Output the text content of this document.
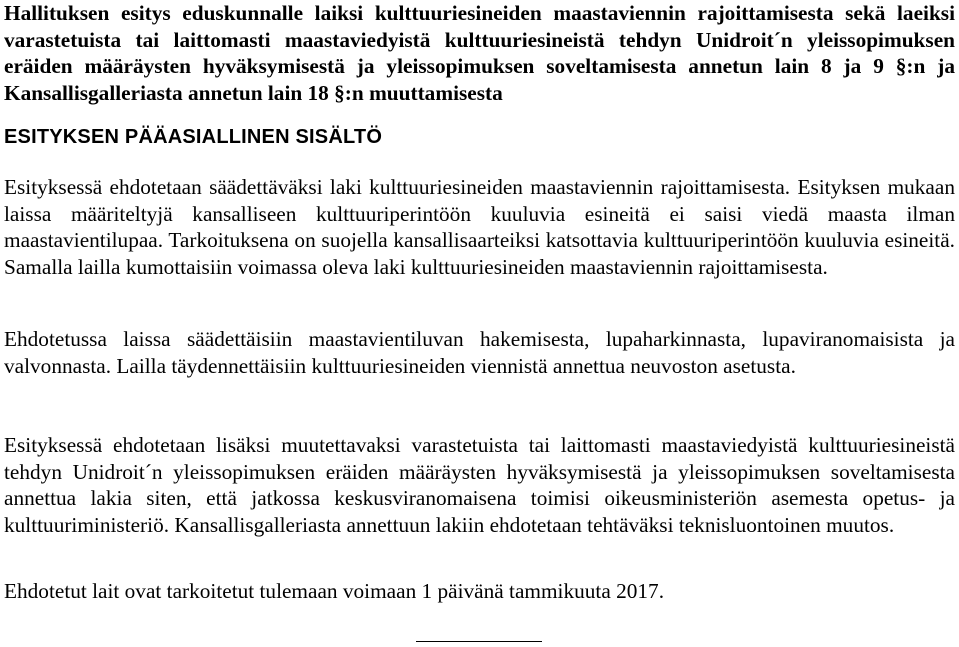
Hallituksen esitys eduskunnalle laiksi kulttuuriesineiden maastaviennin rajoittamisesta sekä laeiksi varastetuista tai laittomasti maastaviedyistä kulttuuriesineistä tehdyn Unidroit´n yleissopimuksen eräiden määräysten hyväksymisestä ja yleissopimuksen soveltamisesta annetun lain 8 ja 9 §:n ja Kansallisgalleriasta annetun lain 18 §:n muuttamisesta

ESITYKSEN PÄÄASIALLINEN SISÄLTÖ

Esityksessä ehdotetaan säädettäväksi laki kulttuuriesineiden maastaviennin rajoittamisesta. Esityksen mukaan laissa määriteltyjä kansalliseen kulttuuriperintöön kuuluvia esineitä ei saisi viedä maasta ilman maastavientilupaa. Tarkoituksena on suojella kansallisaarteiksi katsottavia kulttuuriperintöön kuuluvia esineitä. Samalla lailla kumottaisiin voimassa oleva laki kulttuuriesineiden maastaviennin rajoittamisesta.

Ehdotetussa laissa säädettäisiin maastavientiluvan hakemisesta, lupaharkinnasta, lupaviranomaisista ja valvonnasta. Lailla täydennettäisiin kulttuuriesineiden viennistä annettua neuvoston asetusta.

Esityksessä ehdotetaan lisäksi muutettavaksi varastetuista tai laittomasti maastaviedyistä kulttuuriesineistä tehdyn Unidroit´n yleissopimuksen eräiden määräysten hyväksymisestä ja yleissopimuksen soveltamisesta annettua lakia siten, että jatkossa keskusviranomaisena toimisi oikeusministeriön asemesta opetus- ja kulttuuriministeriö. Kansallisgalleriasta annettuun lakiin ehdotetaan tehtäväksi teknisluontoinen muutos.

Ehdotetut lait ovat tarkoitetut tulemaan voimaan 1 päivänä tammikuuta 2017.
